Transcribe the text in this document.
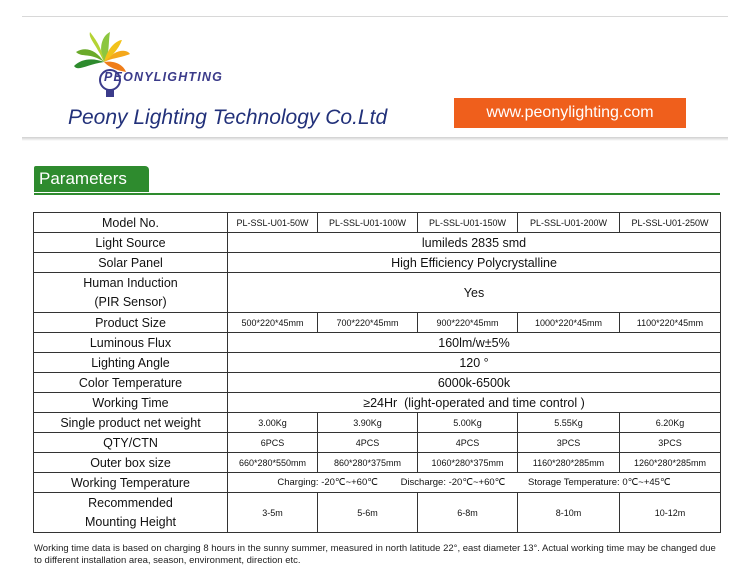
PEONYLIGHTING
Peony Lighting Technology Co.Ltd	www.peonylighting.com
Parameters
Model No.	PL-SSL-U01-50W	PL-SSL-U01-100W	PL-SSL-U01-150W	PL-SSL-U01-200W	PL-SSL-U01-250W
Light Source	lumileds 2835 smd				
Solar Panel	High Efficiency Polycrystalline				

Human Induction
(PIR Sensor)	Yes				
Product Size	500*220*45mm	700*220*45mm	900*220*45mm	1000*220*45mm	1100*220*45mm
Luminous Flux	160lm/w±5%				
Lighting Angle	120 °				
Color Temperature	6000k-6500k				
Working Time	≥24Hr  (light-operated and time control )				
Single product net weight	3.00Kg	3.90Kg	5.00Kg	5.55Kg	6.20Kg
QTY/CTN	6PCS	4PCS	4PCS	3PCS	3PCS
Outer box size	660*280*550mm	860*280*375mm	1060*280*375mm	1160*280*285mm	1260*280*285mm
Working Temperature	Charging: -20℃~+60℃ Discharge: -20℃~+60℃ Storage Temperature: 0℃~+45℃				

Recommended
Mounting Height	3-5m	5-6m	6-8m	8-10m	10-12m
Working time data is based on charging 8 hours in the sunny summer, measured in north latitude 22°, east diameter 13°. Actual working time may be changed due to different installation area, season, environment, direction etc.
